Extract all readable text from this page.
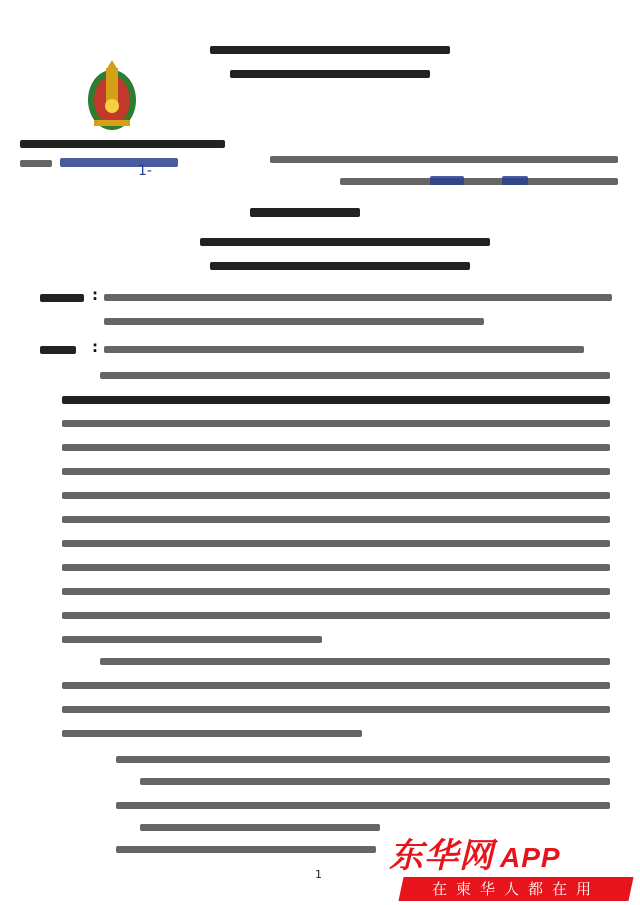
1-
:
:
1 东华网 APP
在柬华人都在用
